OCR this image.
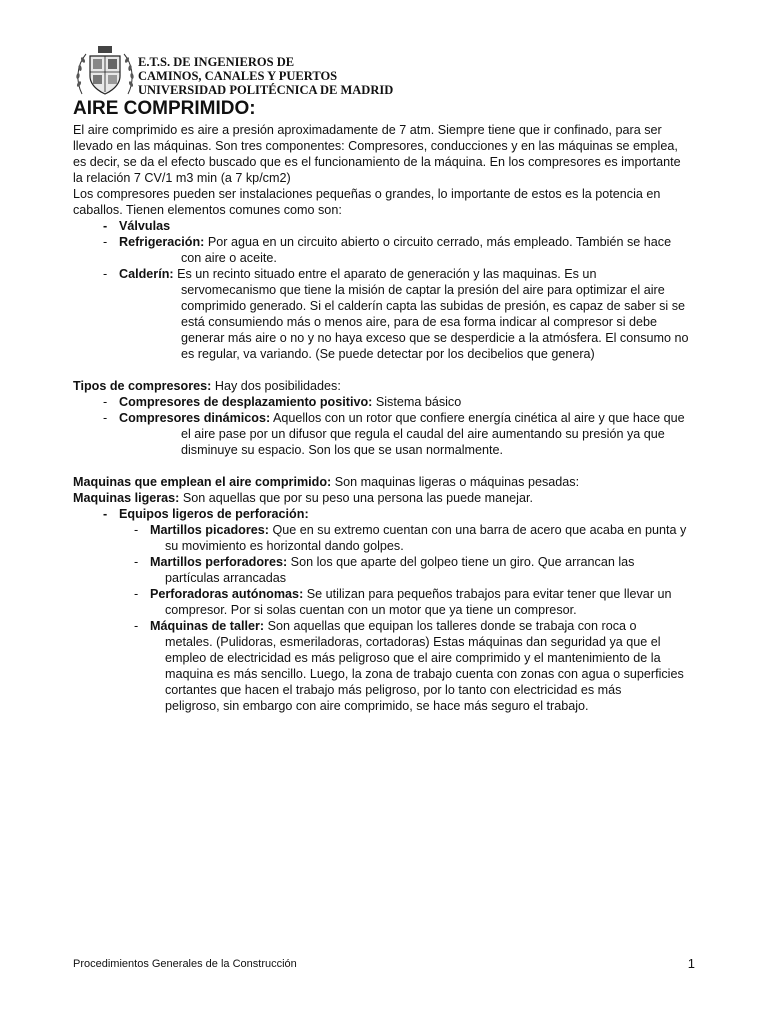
E.T.S. DE INGENIEROS DE
CAMINOS, CANALES Y PUERTOS
UNIVERSIDAD POLITÉCNICA DE MADRID
AIRE COMPRIMIDO:

El aire comprimido es aire a presión aproximadamente de 7 atm. Siempre tiene que ir confinado, para ser

llevado en las máquinas. Son tres componentes: Compresores, conducciones y en las máquinas se emplea,

es decir, se da el efecto buscado que es el funcionamiento de la máquina. En los compresores es importante

la relación 7 CV/1 m3 min (a 7 kp/cm2)

Los compresores pueden ser instalaciones pequeñas o grandes, lo importante de estos es la potencia en

caballos. Tienen elementos comunes como son:

- Válvulas
- Refrigeración: Por agua en un circuito abierto o circuito cerrado, más empleado. También se hace
con aire o aceite.
- Calderín: Es un recinto situado entre el aparato de generación y las maquinas. Es un
servomecanismo que tiene la misión de captar la presión del aire para optimizar el aire
comprimido generado. Si el calderín capta las subidas de presión, es capaz de saber si se
está consumiendo más o menos aire, para de esa forma indicar al compresor si debe
generar más aire o no y no haya exceso que se desperdicie a la atmósfera. El consumo no
es regular, va variando. (Se puede detectar por los decibelios que genera)

Tipos de compresores: Hay dos posibilidades:

- Compresores de desplazamiento positivo: Sistema básico
- Compresores dinámicos: Aquellos con un rotor que confiere energía cinética al aire y que hace que
el aire pase por un difusor que regula el caudal del aire aumentando su presión ya que
disminuye su espacio. Son los que se usan normalmente.

Maquinas que emplean el aire comprimido: Son maquinas ligeras o máquinas pesadas:

Maquinas ligeras: Son aquellas que por su peso una persona las puede manejar.

- Equipos ligeros de perforación:
- Martillos picadores: Que en su extremo cuentan con una barra de acero que acaba en punta y
su movimiento es horizontal dando golpes.
- Martillos perforadores: Son los que aparte del golpeo tiene un giro. Que arrancan las
partículas arrancadas
- Perforadoras autónomas: Se utilizan para pequeños trabajos para evitar tener que llevar un
compresor. Por si solas cuentan con un motor que ya tiene un compresor.
- Máquinas de taller: Son aquellas que equipan los talleres donde se trabaja con roca o
metales. (Pulidoras, esmeriladoras, cortadoras) Estas máquinas dan seguridad ya que el
empleo de electricidad es más peligroso que el aire comprimido y el mantenimiento de la
maquina es más sencillo. Luego, la zona de trabajo cuenta con zonas con agua o superficies
cortantes que hacen el trabajo más peligroso, por lo tanto con electricidad es más
peligroso, sin embargo con aire comprimido, se hace más seguro el trabajo.
Procedimientos Generales de la Construcción	1
